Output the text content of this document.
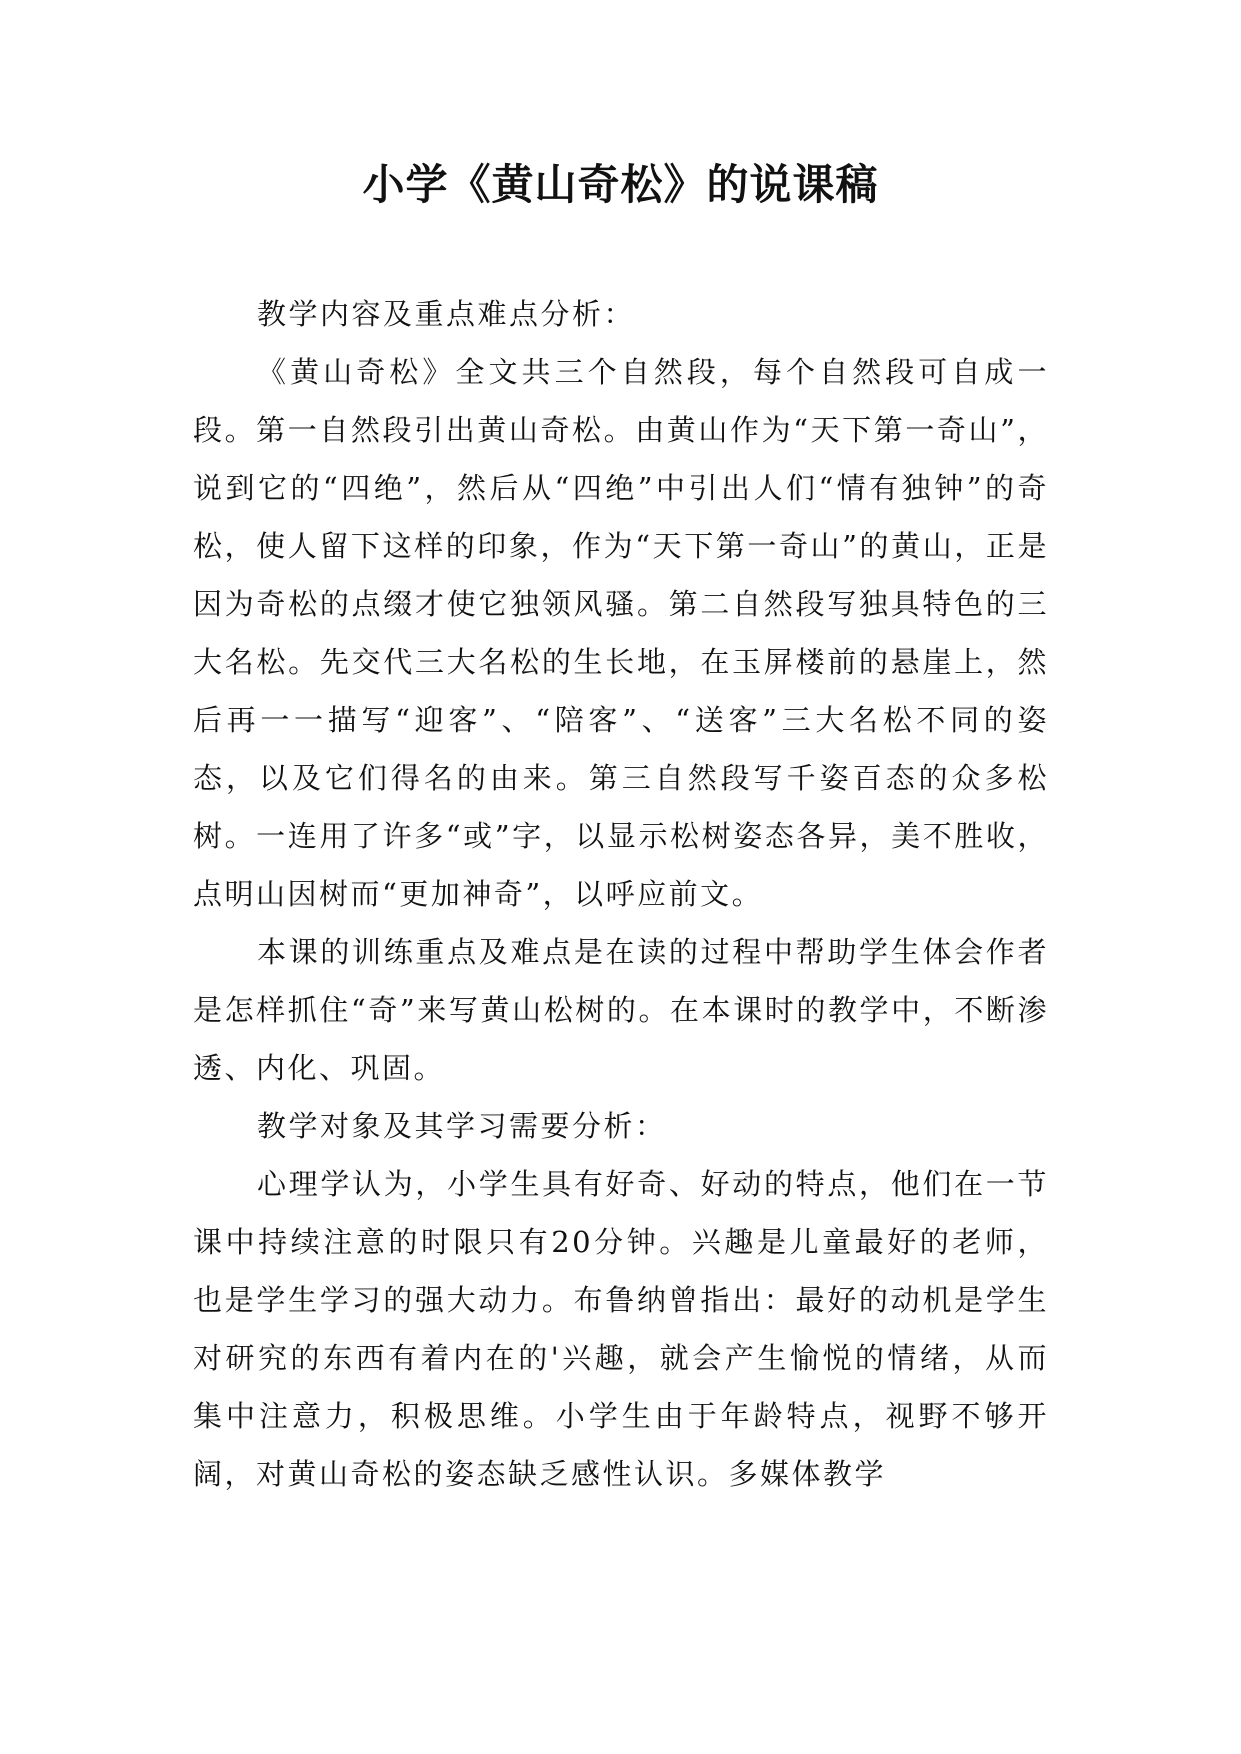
小学《黄山奇松》的说课稿

教学内容及重点难点分析：

《黄山奇松》全文共三个自然段，每个自然段可自成一段。第一自然段引出黄山奇松。由黄山作为“天下第一奇山”，说到它的“四绝”，然后从“四绝”中引出人们“情有独钟”的奇松，使人留下这样的印象，作为“天下第一奇山”的黄山，正是因为奇松的点缀才使它独领风骚。第二自然段写独具特色的三大名松。先交代三大名松的生长地，在玉屏楼前的悬崖上，然后再一一描写“迎客”、“陪客”、“送客”三大名松不同的姿态，以及它们得名的由来。第三自然段写千姿百态的众多松树。一连用了许多“或”字，以显示松树姿态各异，美不胜收，点明山因树而“更加神奇”，以呼应前文。

本课的训练重点及难点是在读的过程中帮助学生体会作者是怎样抓住“奇”来写黄山松树的。在本课时的教学中，不断渗透、内化、巩固。

教学对象及其学习需要分析：

心理学认为，小学生具有好奇、好动的特点，他们在一节课中持续注意的时限只有20分钟。兴趣是儿童最好的老师，也是学生学习的强大动力。布鲁纳曾指出：最好的动机是学生对研究的东西有着内在的'兴趣，就会产生愉悦的情绪，从而集中注意力，积极思维。小学生由于年龄特点，视野不够开阔，对黄山奇松的姿态缺乏感性认识。多媒体教学
